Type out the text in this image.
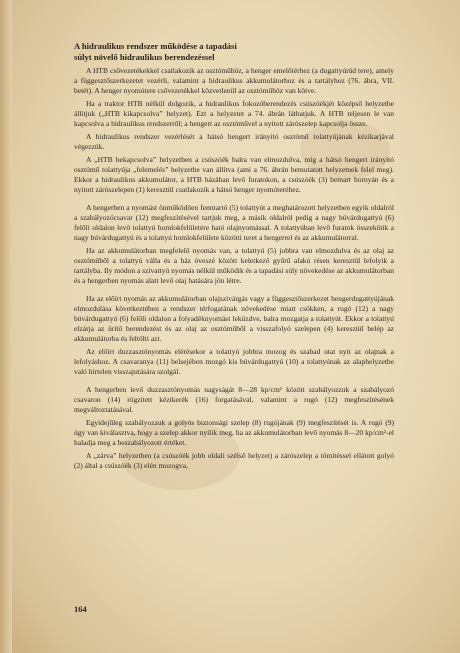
A hidraulikus rendszer működése a tapadási
súlyt növelő hidraulikus berendezéssel

A HTB csővezetékekkel csatlakozik az osztóműhöz, a henger emelőtérhez (a dugattyúrúd tere), amely a függesztőszerkezetet vezérli, valamint a hidraulikus akkumulátorhoz és a tartályhoz (76. ábra, VII. betét). A henger nyomótere csővezetékkel közvetlenül az osztóműhöz van kötve.

Ha a traktor HTB nélkül dolgozik, a hidraulikus fokozóberendezés csúszóékjét középső helyzetbe állítjuk („HTB kikapcsolva” helyzet). Ezt a helyzetet a 74. ábrán láthatjuk. A HTB teljesen le van kapcsolva a hidraulikus rendszerről; a hengert az osztóművel a nyitott zárószelep kapcsolja össze.

A hidraulikus rendszer vezérlését a hátsó hengert irányító osztómű tolattyújának kézikarjával végezzük.

A „HTB bekapcsolva” helyzetben a csúszóék balra van elmozdulva, míg a hátsó hengert irányító osztómű tolattyúja „felemelés” helyzetbe van állítva (ami a 76. ábrán bemutatott helyzetnek felel meg). Ekkor a hidraulikus akkumulátor, a HTB házában levő furatokon, a csúszóék (3) bemart hornyán és a nyitott zárószelepen (1) keresztül csatlakozik a hátsó henger nyomóteréhez.

A hengerben a nyomást önműködően fenntartó (5) tolattyút a meghatározott helyzetben egyik oldalról a szabályozócsavar (12) megfeszítésével tartjuk meg, a másik oldalról pedig a nagy búvárdugattyú (6) felőli oldalon levő tolattyú homlokfelületére ható olajnyomással. A tolattyúban levő furatok összekötik a nagy búvárdugattyú és a tolattyú homlokfelülete közötti teret a hengerrel és az akkumulátorral.

Ha az akkumulátorban megfelelő nyomás van, a tolattyú (5) jobbra van elmozdulva és az olaj az osztóműből a tolattyú válla és a ház öveszé között keletkező gyűrű alakú résen keresztül lefolyik a tartályba. Ily módon a szivattyú nyomás nélkül működik és a tapadási súly növekedése az akkumulátorban és a hengerben nyomás alatt levő olaj hatására jön létre.

Ha az előírt nyomás az akkumulátorban olajszivárgás vagy a függesztőszerkezet hengerdugattyújának elmozdulása következtében a rendszer térfogatának növekedése miatt csökken, a rugó (12) a nagy búvárdugattyú (6) felőli oldalon a folyadéknyomást leküzdve, balra mozgatja a tolattyút. Ekkor a tolattyú elzárja az ürítő berendezést és az olaj az osztóműből a visszafolyó szelepen (4) keresztül belép az akkumulátorba és feltölti azt.

Az előírt duzzasztónyomás elérésekor a tolattyú jobbra mozog és szabad utat nyit az olajnak a lefolyáshoz. A csavaranya (11) belsejében mozgó kis búvárdugattyú (10) a tolattyúnak az alaphelyzetbe való hirtelen visszajutására szolgál.

A hengerben levő duzzasztónyomás nagyságát 8—28 kp/cm² között szabályozzuk a szabályozó csavaron (14) rögzített kézikerék (16) forgatásával, valamint a rugó (12) megfeszítésének megváltoztatásával.

Egyidejűleg szabályozzuk a golyós biztonsági szelep (8) rugójának (9) megfeszítését is. A rugó (9) úgy van kiválasztva, hogy a szelep akkor nyílik meg, ha az akkumulátorban levő nyomás 8—20 kp/cm²-el haladja meg a beszabályozott értéket.

A „zárva” helyzetben (a csúszóék jobb oldali szélső helyzet) a zárószelep a tömítéssel ellátott golyó (2) által a csúszóék (3) elén mozogva,

164
